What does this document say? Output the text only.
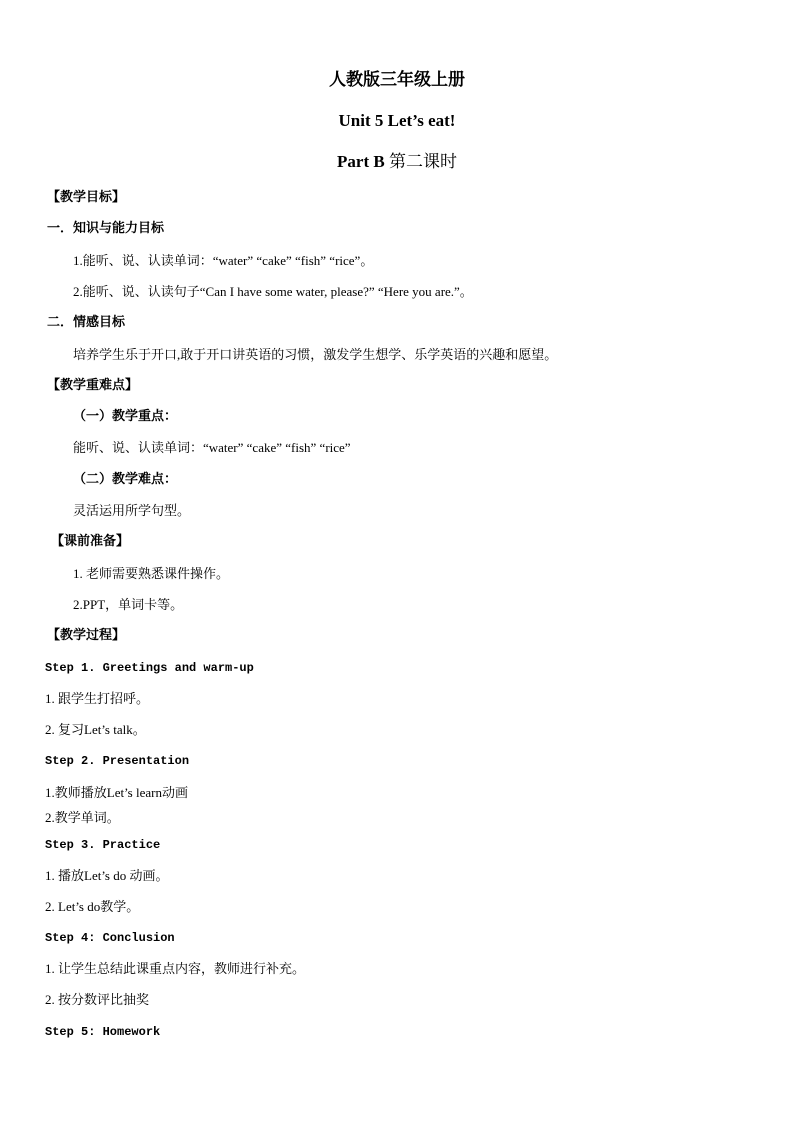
人教版三年级上册
Unit 5 Let’s eat!
Part B 第二课时
【教学目标】
一．知识与能力目标
1.能听、说、认读单词：“water” “cake” “fish” “rice”。
2.能听、说、认读句子“Can I have some water, please?” “Here you are.”。
二．情感目标
培养学生乐于开口,敢于开口讲英语的习惯，激发学生想学、乐学英语的兴趣和愿望。
【教学重难点】
（一）教学重点：
能听、说、认读单词：“water” “cake” “fish” “rice”
（二）教学难点：
灵活运用所学句型。
【课前准备】
1. 老师需要熟悉课件操作。
2.PPT，单词卡等。
【教学过程】
Step 1. Greetings and warm-up
1. 跟学生打招呼。
2. 复习Let’s talk。
Step 2. Presentation
1.教师播放Let’s learn动画
2.教学单词。
Step 3. Practice
1. 播放Let’s do 动画。
2. Let’s do教学。
Step 4: Conclusion
1. 让学生总结此课重点内容，教师进行补充。
2. 按分数评比抽奖
Step 5: Homework
